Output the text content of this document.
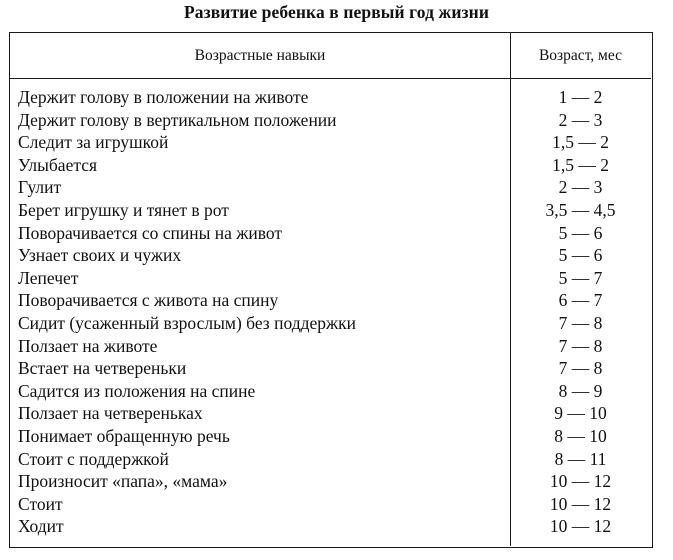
Развитие ребенка в первый год жизни
Возрастные навыки	Возраст, мес
Держит голову в положении на животе	1 — 2
Держит голову в вертикальном положении	2 — 3
Следит за игрушкой	1,5 — 2
Улыбается	1,5 — 2
Гулит	2 — 3
Берет игрушку и тянет в рот	3,5 — 4,5
Поворачивается со спины на живот	5 — 6
Узнает своих и чужих	5 — 6
Лепечет	5 — 7
Поворачивается с живота на спину	6 — 7
Сидит (усаженный взрослым) без поддержки	7 — 8
Ползает на животе	7 — 8
Встает на четвереньки	7 — 8
Садится из положения на спине	8 — 9
Ползает на четвереньках	9 — 10
Понимает обращенную речь	8 — 10
Стоит с поддержкой	8 — 11
Произносит «папа», «мама»	10 — 12
Стоит	10 — 12
Ходит	10 — 12
